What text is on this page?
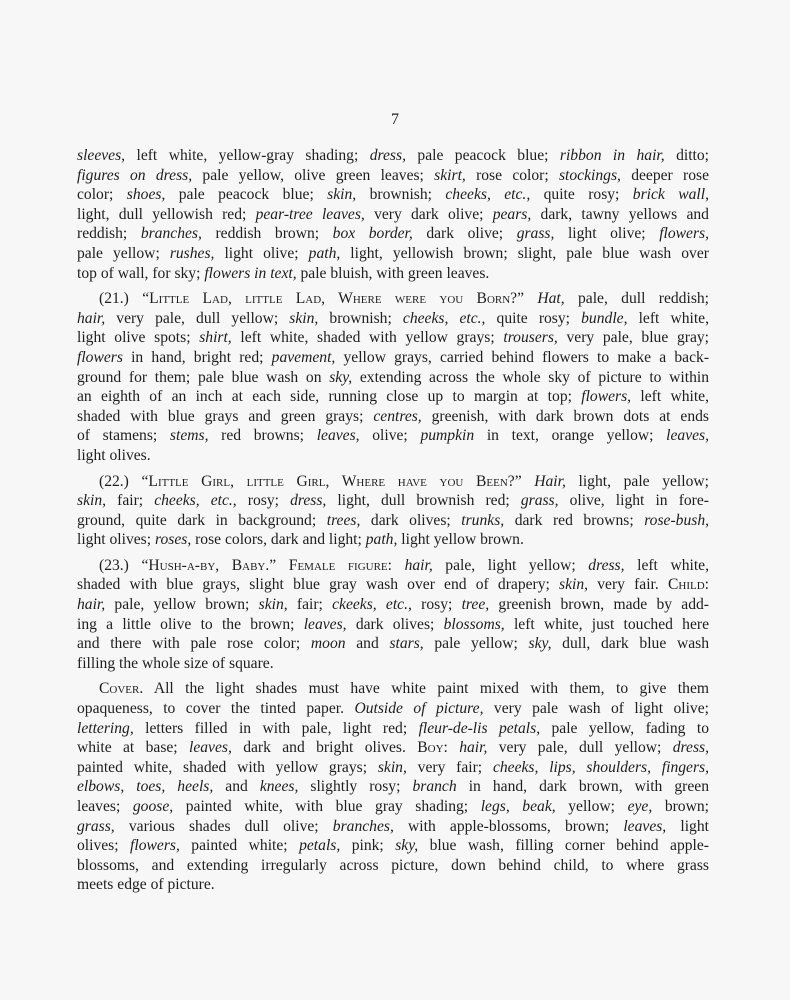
7
sleeves, left white, yellow-gray shading; dress, pale peacock blue; ribbon in hair, ditto;
figures on dress, pale yellow, olive green leaves; skirt, rose color; stockings, deeper rose
color; shoes, pale peacock blue; skin, brownish; cheeks, etc., quite rosy; brick wall,
light, dull yellowish red; pear-tree leaves, very dark olive; pears, dark, tawny yellows and
reddish; branches, reddish brown; box border, dark olive; grass, light olive; flowers,
pale yellow; rushes, light olive; path, light, yellowish brown; slight, pale blue wash over
top of wall, for sky; flowers in text, pale bluish, with green leaves.
(21.) “Little Lad, little Lad, Where were you Born?” Hat, pale, dull reddish;
hair, very pale, dull yellow; skin, brownish; cheeks, etc., quite rosy; bundle, left white,
light olive spots; shirt, left white, shaded with yellow grays; trousers, very pale, blue gray;
flowers in hand, bright red; pavement, yellow grays, carried behind flowers to make a back-
ground for them; pale blue wash on sky, extending across the whole sky of picture to within
an eighth of an inch at each side, running close up to margin at top; flowers, left white,
shaded with blue grays and green grays; centres, greenish, with dark brown dots at ends
of stamens; stems, red browns; leaves, olive; pumpkin in text, orange yellow; leaves,
light olives.
(22.) “Little Girl, little Girl, Where have you Been?” Hair, light, pale yellow;
skin, fair; cheeks, etc., rosy; dress, light, dull brownish red; grass, olive, light in fore-
ground, quite dark in background; trees, dark olives; trunks, dark red browns; rose-bush,
light olives; roses, rose colors, dark and light; path, light yellow brown.
(23.) “Hush-a-by, Baby.” Female figure: hair, pale, light yellow; dress, left white,
shaded with blue grays, slight blue gray wash over end of drapery; skin, very fair. Child:
hair, pale, yellow brown; skin, fair; ckeeks, etc., rosy; tree, greenish brown, made by add-
ing a little olive to the brown; leaves, dark olives; blossoms, left white, just touched here
and there with pale rose color; moon and stars, pale yellow; sky, dull, dark blue wash
filling the whole size of square.
Cover. All the light shades must have white paint mixed with them, to give them
opaqueness, to cover the tinted paper. Outside of picture, very pale wash of light olive;
lettering, letters filled in with pale, light red; fleur-de-lis petals, pale yellow, fading to
white at base; leaves, dark and bright olives. Boy: hair, very pale, dull yellow; dress,
painted white, shaded with yellow grays; skin, very fair; cheeks, lips, shoulders, fingers,
elbows, toes, heels, and knees, slightly rosy; branch in hand, dark brown, with green
leaves; goose, painted white, with blue gray shading; legs, beak, yellow; eye, brown;
grass, various shades dull olive; branches, with apple-blossoms, brown; leaves, light
olives; flowers, painted white; petals, pink; sky, blue wash, filling corner behind apple-
blossoms, and extending irregularly across picture, down behind child, to where grass
meets edge of picture.
